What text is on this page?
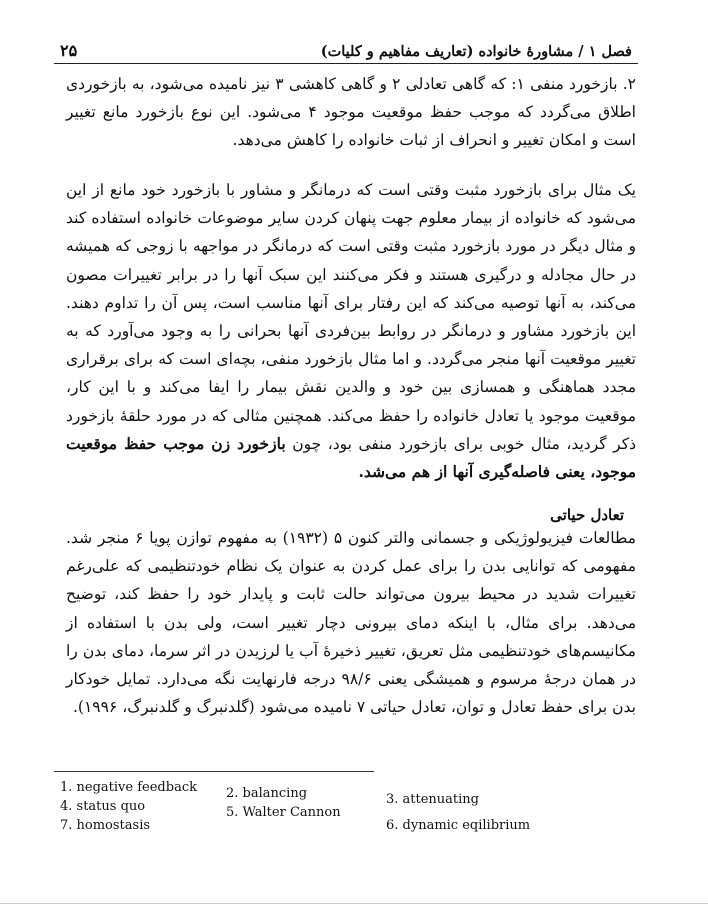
فصل ۱ / مشاورهٔ خانواده (تعاریف مفاهیم و کلیات)
۲۵

۲. بازخورد منفی ۱: که گاهی تعادلی ۲ و گاهی کاهشی ۳ نیز نامیده می‌شود، به بازخوردی اطلاق می‌گردد که موجب حفظ موقعیت موجود ۴ می‌شود. این نوع بازخورد مانع تغییر است و امکان تغییر و انحراف از ثبات خانواده را کاهش می‌دهد.

یک مثال برای بازخورد مثبت وقتی است که درمانگر و مشاور با بازخورد خود مانع از این می‌شود که خانواده از بیمار معلوم جهت پنهان کردن سایر موضوعات خانواده استفاده کند و مثال دیگر در مورد بازخورد مثبت وقتی است که درمانگر در مواجهه با زوجی که همیشه در حال مجادله و درگیری هستند و فکر می‌کنند این سبک آنها را در برابر تغییرات مصون می‌کند، به آنها توصیه می‌کند که این رفتار برای آنها مناسب است، پس آن را تداوم دهند. این بازخورد مشاور و درمانگر در روابط بین‌فردی آنها بحرانی را به وجود می‌آورد که به تغییر موقعیت آنها منجر می‌گردد. و اما مثال بازخورد منفی، بچه‌ای است که برای برقراری مجدد هماهنگی و همسازی بین خود و والدین نقش بیمار را ایفا می‌کند و با این کار، موقعیت موجود یا تعادل خانواده را حفظ می‌کند. همچنین مثالی که در مورد حلقهٔ بازخورد ذکر گردید، مثال خوبی برای بازخورد منفی بود، چون بازخورد زن موجب حفظ موقعیت موجود، یعنی فاصله‌گیری آنها از هم می‌شد.

تعادل حیاتی

مطالعات فیزیولوژیکی و جسمانی والتر کنون ۵ (۱۹۳۲) به مفهوم توازن پویا ۶ منجر شد. مفهومی که توانایی بدن را برای عمل کردن به عنوان یک نظام خودتنظیمی که علی‌رغم تغییرات شدید در محیط بیرون می‌تواند حالت ثابت و پایدار خود را حفظ کند، توضیح می‌دهد. برای مثال، با اینکه دمای بیرونی دچار تغییر است، ولی بدن با استفاده از مکانیسم‌های خودتنظیمی مثل تعریق، تغییر ذخیرهٔ آب یا لرزیدن در اثر سرما، دمای بدن را در همان درجهٔ مرسوم و همیشگی یعنی ۹۸/۶ درجه فارنهایت نگه می‌دارد. تمایل خودکار بدن برای حفظ تعادل و توان، تعادل حیاتی ۷ نامیده می‌شود (گلدنبرگ و گلدنبرگ، ۱۹۹۶).

1. negative feedback 2. balancing	3. attenuating
4. status quo	5. Walter Cannon
6. dynamic eqilibrium
7. homostasis
